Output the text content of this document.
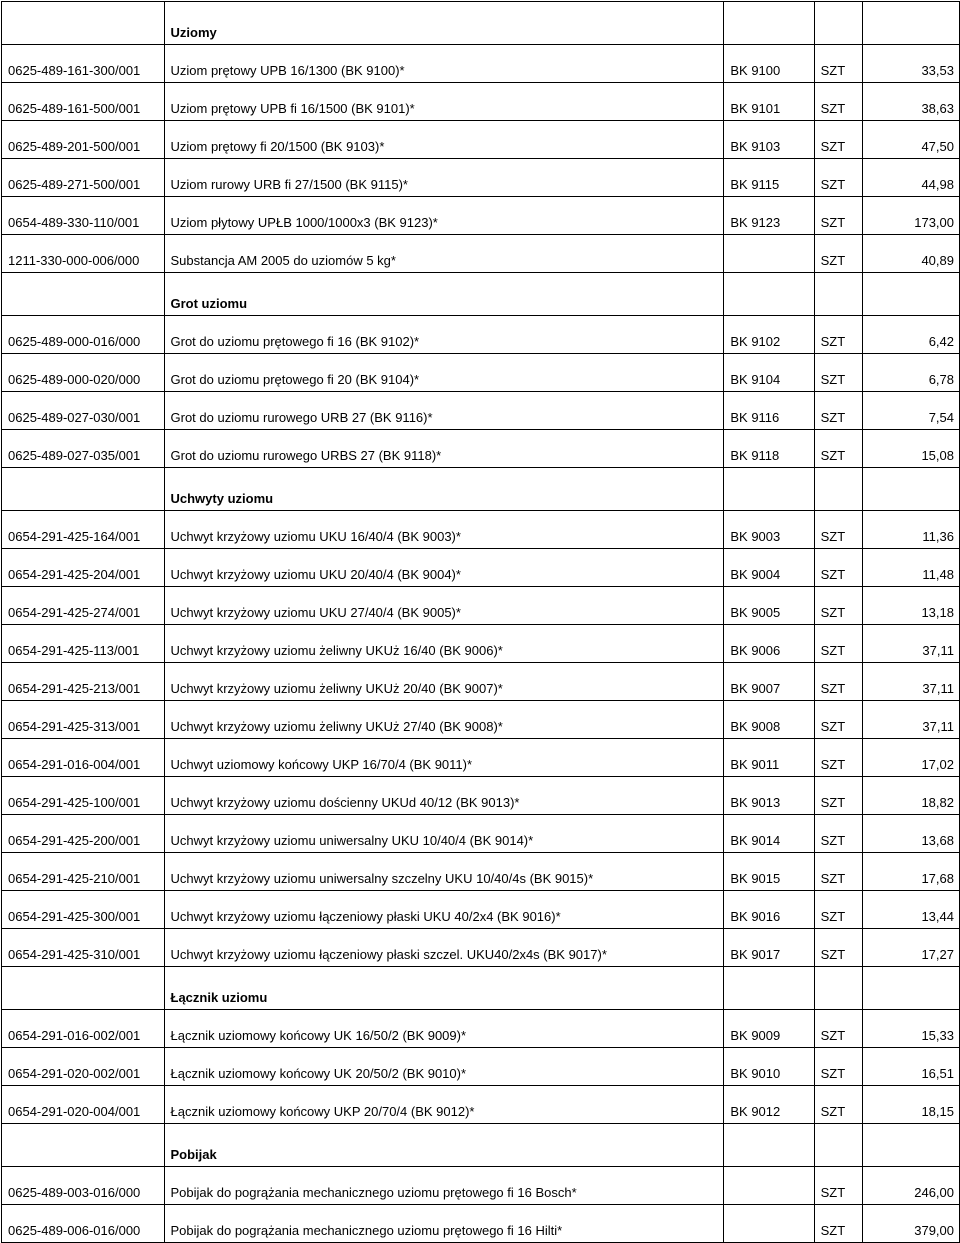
	Uziomy			
0625-489-161-300/001	Uziom prętowy UPB 16/1300 (BK 9100)*	BK 9100	SZT	33,53
0625-489-161-500/001	Uziom prętowy UPB fi 16/1500 (BK 9101)*	BK 9101	SZT	38,63
0625-489-201-500/001	Uziom prętowy fi 20/1500 (BK 9103)*	BK 9103	SZT	47,50
0625-489-271-500/001	Uziom rurowy URB fi 27/1500 (BK 9115)*	BK 9115	SZT	44,98
0654-489-330-110/001	Uziom płytowy UPŁB 1000/1000x3 (BK 9123)*	BK 9123	SZT	173,00
1211-330-000-006/000	Substancja AM 2005 do uziomów 5 kg*		SZT	40,89
	Grot uziomu			
0625-489-000-016/000	Grot do uziomu prętowego fi 16 (BK 9102)*	BK 9102	SZT	6,42
0625-489-000-020/000	Grot do uziomu prętowego fi 20 (BK 9104)*	BK 9104	SZT	6,78
0625-489-027-030/001	Grot do uziomu rurowego URB 27 (BK 9116)*	BK 9116	SZT	7,54
0625-489-027-035/001	Grot do uziomu rurowego URBS 27 (BK 9118)*	BK 9118	SZT	15,08
	Uchwyty uziomu			
0654-291-425-164/001	Uchwyt krzyżowy uziomu UKU 16/40/4 (BK 9003)*	BK 9003	SZT	11,36
0654-291-425-204/001	Uchwyt krzyżowy uziomu UKU 20/40/4 (BK 9004)*	BK 9004	SZT	11,48
0654-291-425-274/001	Uchwyt krzyżowy uziomu UKU 27/40/4 (BK 9005)*	BK 9005	SZT	13,18
0654-291-425-113/001	Uchwyt krzyżowy uziomu żeliwny UKUż 16/40 (BK 9006)*	BK 9006	SZT	37,11
0654-291-425-213/001	Uchwyt krzyżowy uziomu żeliwny UKUż 20/40 (BK 9007)*	BK 9007	SZT	37,11
0654-291-425-313/001	Uchwyt krzyżowy uziomu żeliwny UKUż 27/40 (BK 9008)*	BK 9008	SZT	37,11
0654-291-016-004/001	Uchwyt uziomowy końcowy UKP 16/70/4 (BK 9011)*	BK 9011	SZT	17,02
0654-291-425-100/001	Uchwyt krzyżowy uziomu dościenny UKUd 40/12 (BK 9013)*	BK 9013	SZT	18,82
0654-291-425-200/001	Uchwyt krzyżowy uziomu uniwersalny UKU 10/40/4 (BK 9014)*	BK 9014	SZT	13,68
0654-291-425-210/001	Uchwyt krzyżowy uziomu uniwersalny szczelny UKU 10/40/4s (BK 9015)*	BK 9015	SZT	17,68
0654-291-425-300/001	Uchwyt krzyżowy uziomu łączeniowy płaski UKU 40/2x4 (BK 9016)*	BK 9016	SZT	13,44
0654-291-425-310/001	Uchwyt krzyżowy uziomu łączeniowy płaski szczel. UKU40/2x4s (BK 9017)*	BK 9017	SZT	17,27
	Łącznik uziomu			
0654-291-016-002/001	Łącznik uziomowy końcowy UK 16/50/2 (BK 9009)*	BK 9009	SZT	15,33
0654-291-020-002/001	Łącznik uziomowy końcowy UK 20/50/2 (BK 9010)*	BK 9010	SZT	16,51
0654-291-020-004/001	Łącznik uziomowy końcowy UKP 20/70/4 (BK 9012)*	BK 9012	SZT	18,15
	Pobijak			
0625-489-003-016/000	Pobijak do pogrążania mechanicznego uziomu prętowego fi 16 Bosch*		SZT	246,00
0625-489-006-016/000	Pobijak do pogrążania mechanicznego uziomu prętowego fi 16 Hilti*		SZT	379,00
